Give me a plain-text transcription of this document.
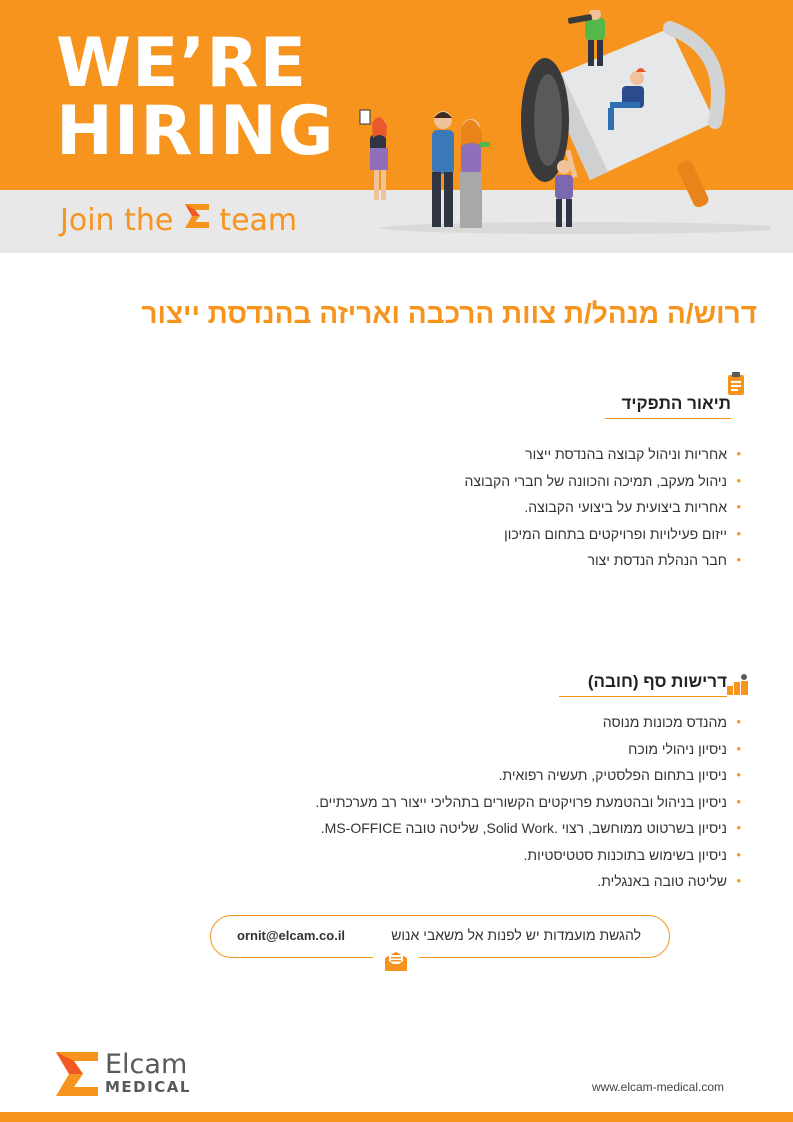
WE’RE
HIRING
Join the team
דרוש/ה מנהל/ת צוות הרכבה ואריזה בהנדסת ייצור
תיאור התפקיד
• אחריות וניהול קבוצה בהנדסת ייצור
• ניהול מעקב, תמיכה והכוונה של חברי הקבוצה
• אחריות ביצועית על ביצועי הקבוצה.
• ייזום פעילויות ופרויקטים בתחום המיכון
• חבר הנהלת הנדסת יצור
דרישות סף (חובה)
• מהנדס מכונות מנוסה
• ניסיון ניהולי מוכח
• ניסיון בתחום הפלסטיק, תעשיה רפואית.
• ניסיון בניהול ובהטמעת פרויקטים הקשורים בתהליכי ייצור רב מערכתיים.
• ניסיון בשרטוט ממוחשב, רצוי .Solid Work, שליטה טובה MS-OFFICE.
• ניסיון בשימוש בתוכנות סטטיסטיות.
• שליטה טובה באנגלית.
להגשת מועמדות יש לפנות אל משאבי אנוש
ornit@elcam.co.il
Elcam
MEDICAL	www.elcam-medical.com
